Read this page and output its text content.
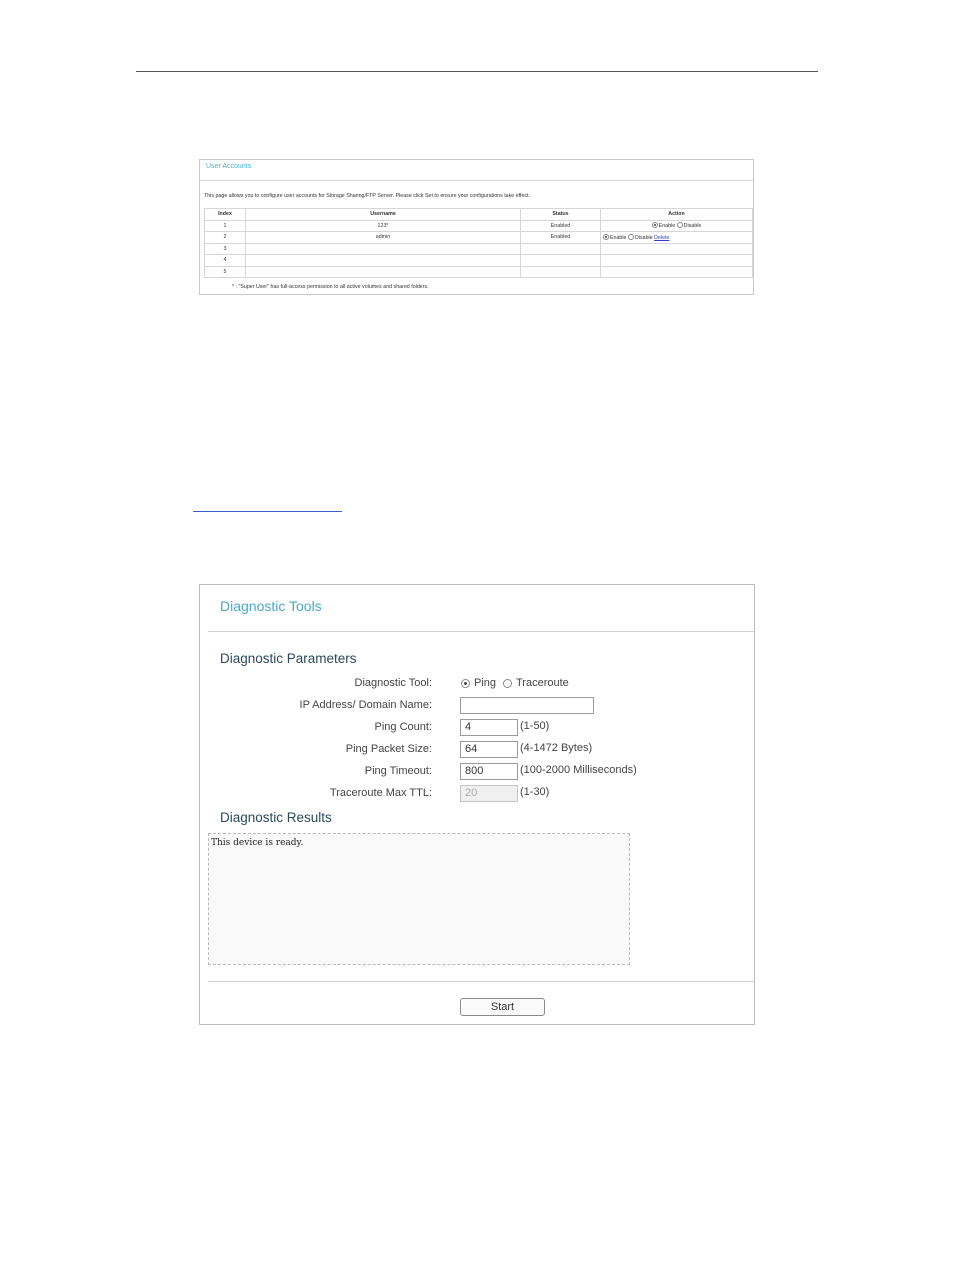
User Accounts
This page allows you to configure user accounts for Storage Sharing/FTP Server. Please click Set to ensure your configurations take effect.
Index	Username	Status	Action
1	123*	Enabled	Enable Disable
2	admin	Enabled	Enable Disable Delete
3			
4			
5			
* : "Super User" has full-access permission to all active volumes and shared folders.
Diagnostic Tools
Diagnostic Parameters
Diagnostic Tool:	Ping Traceroute
IP Address/ Domain Name:
Ping Count:	4	(1-50)
Ping Packet Size:	64	(4-1472 Bytes)
Ping Timeout:	800	(100-2000 Milliseconds)
Traceroute Max TTL:	20	(1-30)
Diagnostic Results
This device is ready.
Start
